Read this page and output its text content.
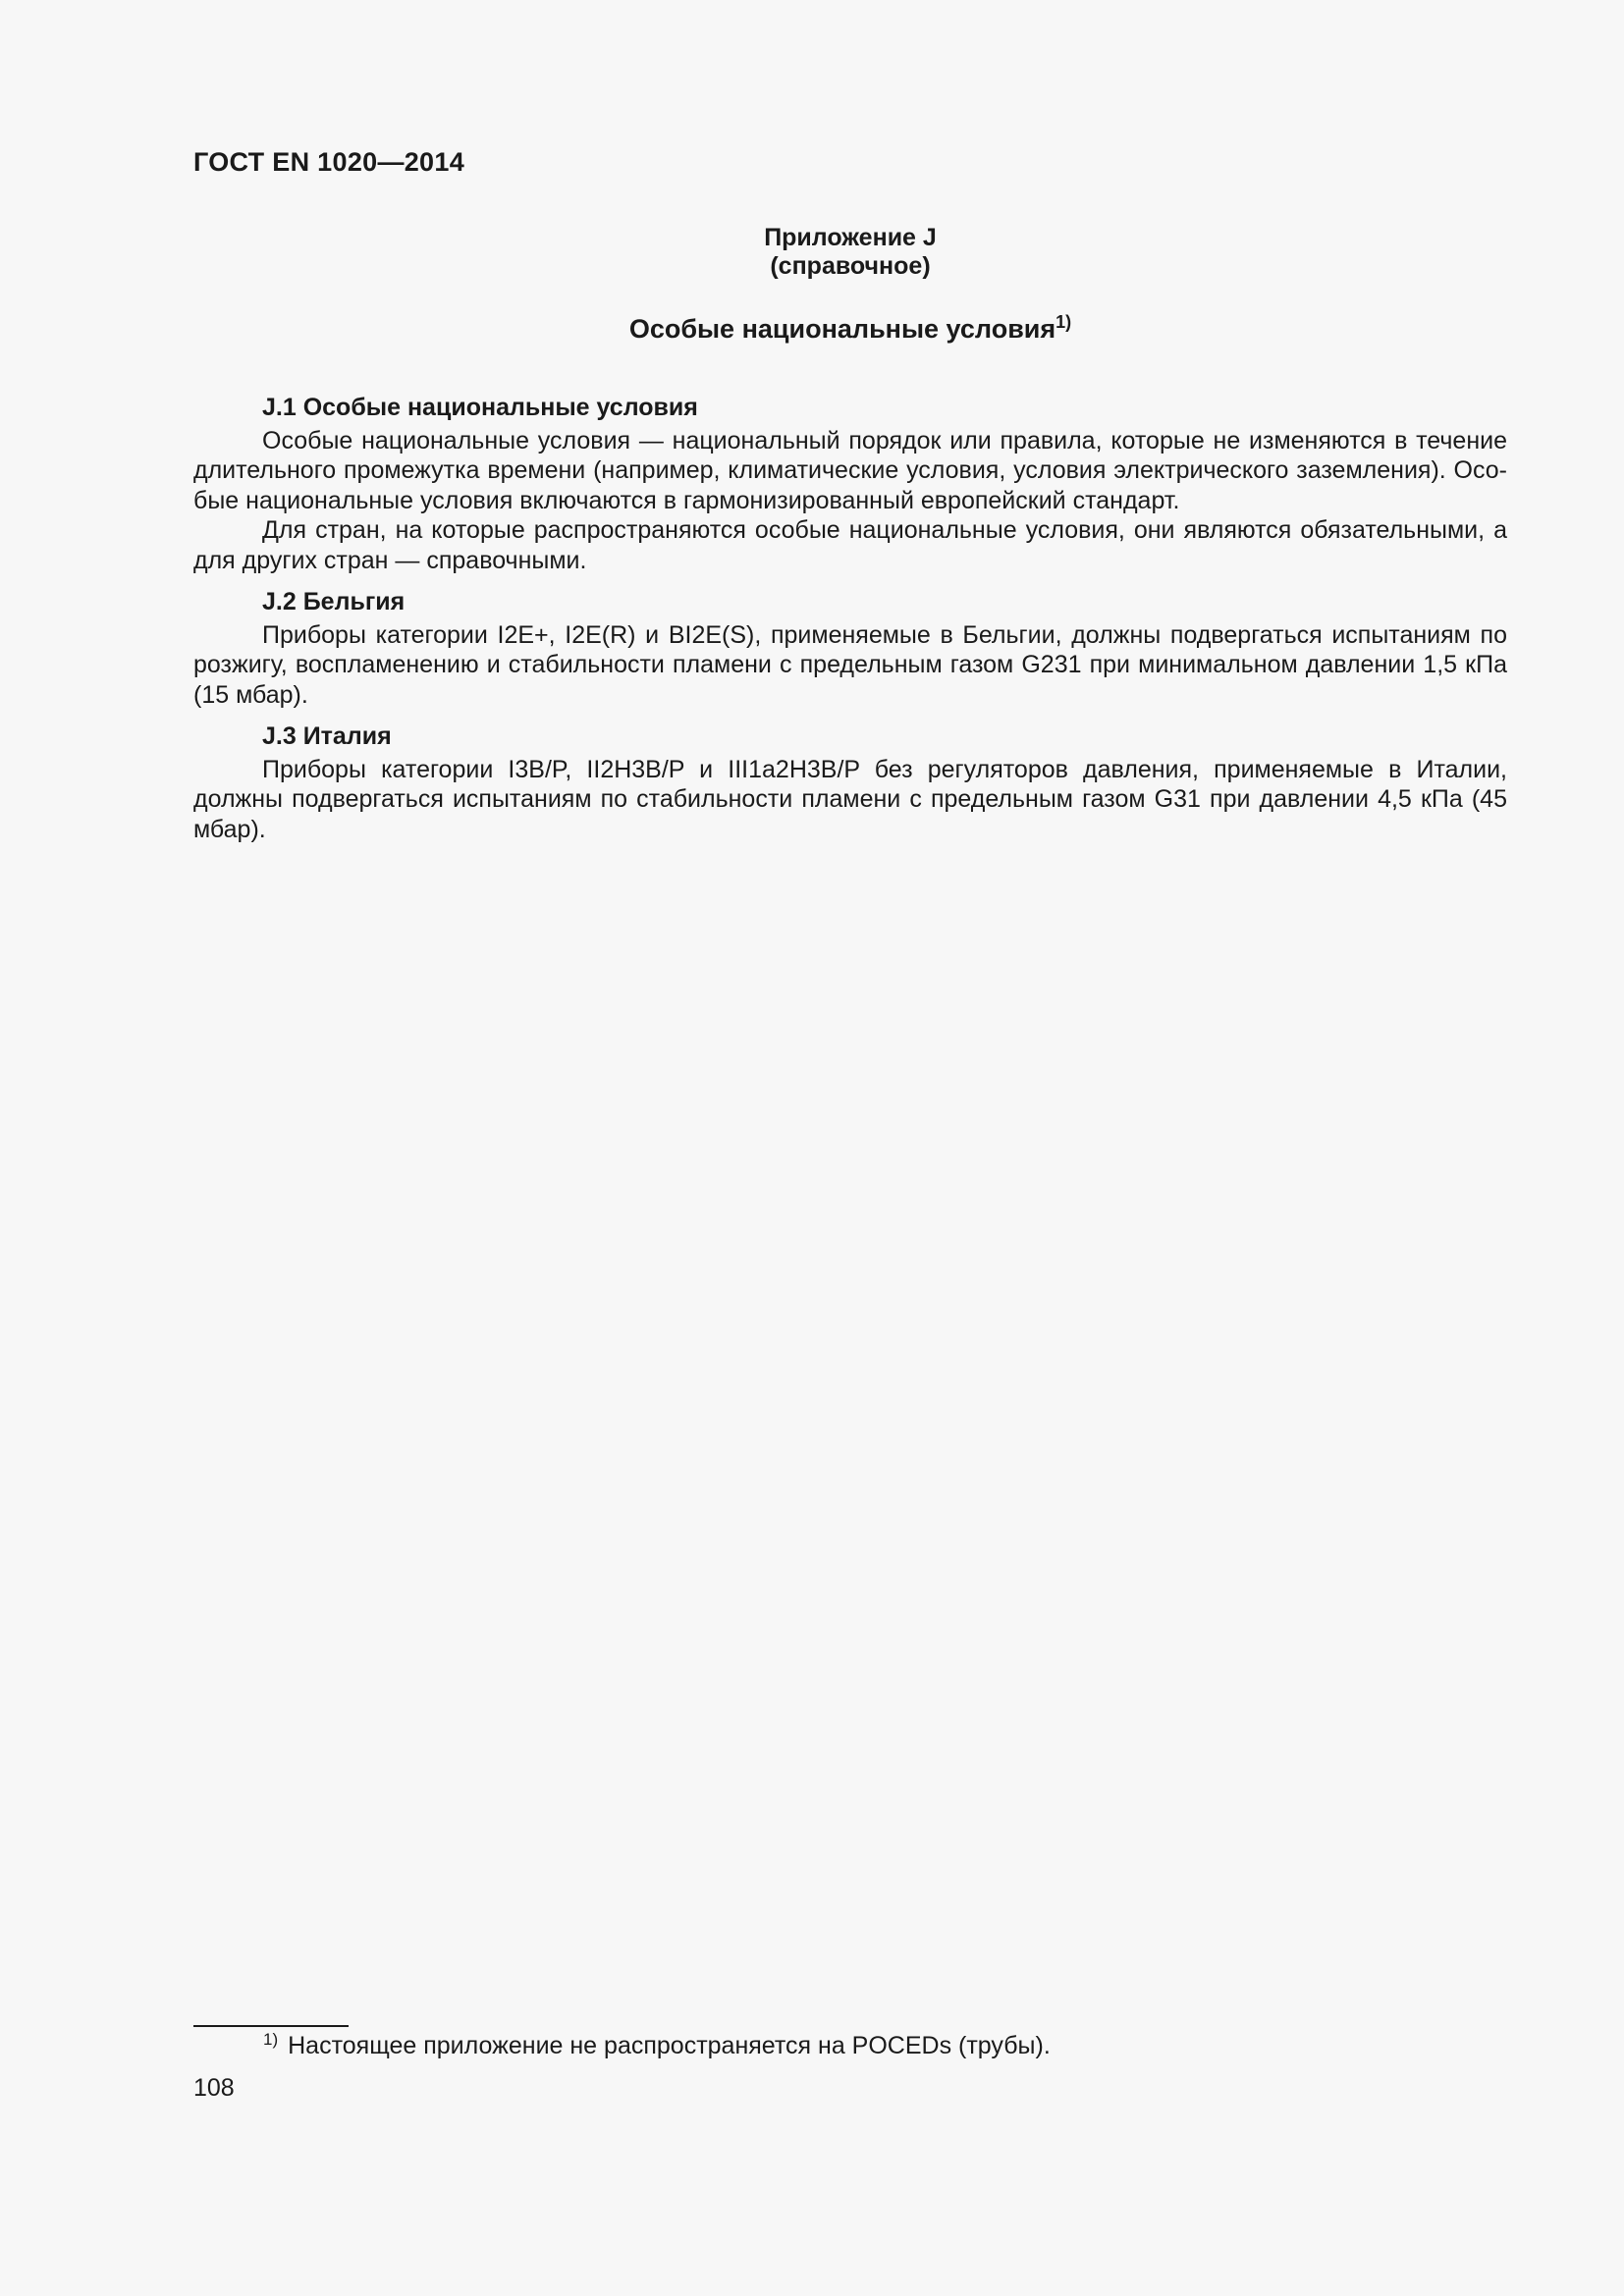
ГОСТ EN 1020—2014
Приложение J
(справочное)
Особые национальные условия$^{1)}$
J.1 Особые национальные условия

Особые национальные условия — национальный порядок или правила, которые не изменяются в течение длительного промежутка времени (например, климатические условия, условия электрического заземления). Особые национальные условия включаются в гармонизированный европейский стандарт.

Для стран, на которые распространяются особые национальные условия, они являются обязательными, а для других стран — справочными.

J.2 Бельгия

Приборы категории I2E+, I2E(R) и BI2E(S), применяемые в Бельгии, должны подвергаться испытаниям по розжигу, воспламенению и стабильности пламени с предельным газом G231 при минимальном давлении 1,5 кПа (15 мбар).

J.3 Италия

Приборы категории I3B/P, II2H3B/P и III1a2H3B/P без регуляторов давления, применяемые в Италии, должны подвергаться испытаниям по стабильности пламени с предельным газом G31 при давлении 4,5 кПа (45 мбар).

$^{1)}$ Настоящее приложение не распространяется на POCEDs (трубы).
108
